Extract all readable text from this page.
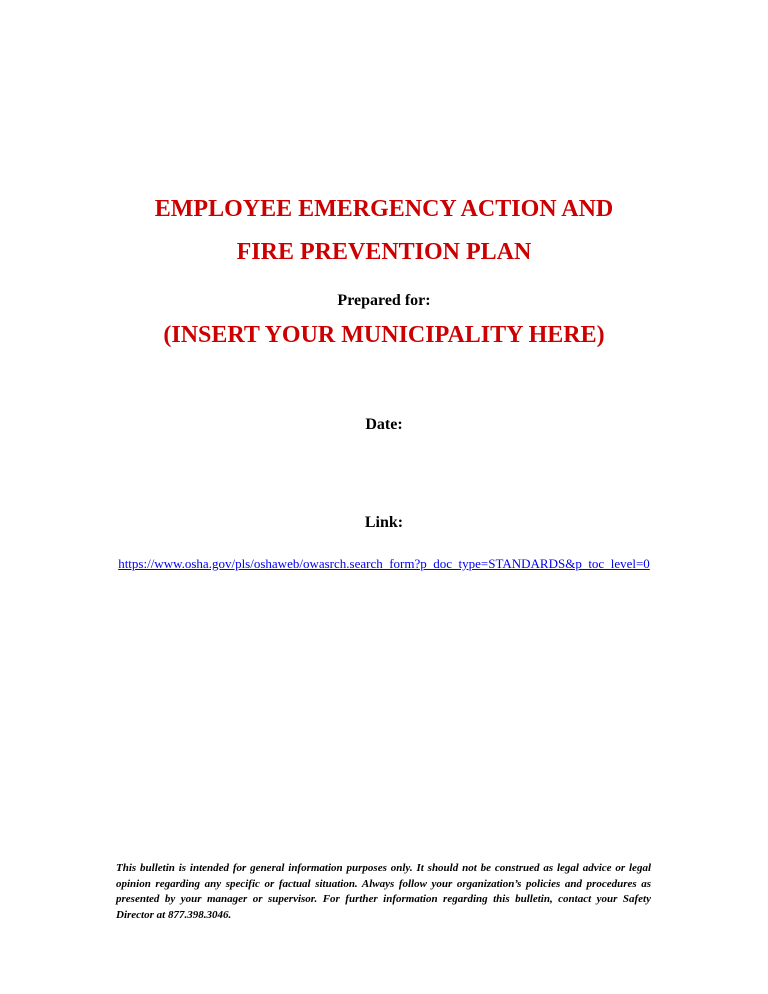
EMPLOYEE EMERGENCY ACTION AND
FIRE PREVENTION PLAN
Prepared for:
(INSERT YOUR MUNICIPALITY HERE)
Date:
Link:
https://www.osha.gov/pls/oshaweb/owasrch.search_form?p_doc_type=STANDARDS&p_toc_level=0
This bulletin is intended for general information purposes only. It should not be construed as legal advice or legal opinion regarding any specific or factual situation. Always follow your organization’s policies and procedures as presented by your manager or supervisor. For further information regarding this bulletin, contact your Safety Director at 877.398.3046.
